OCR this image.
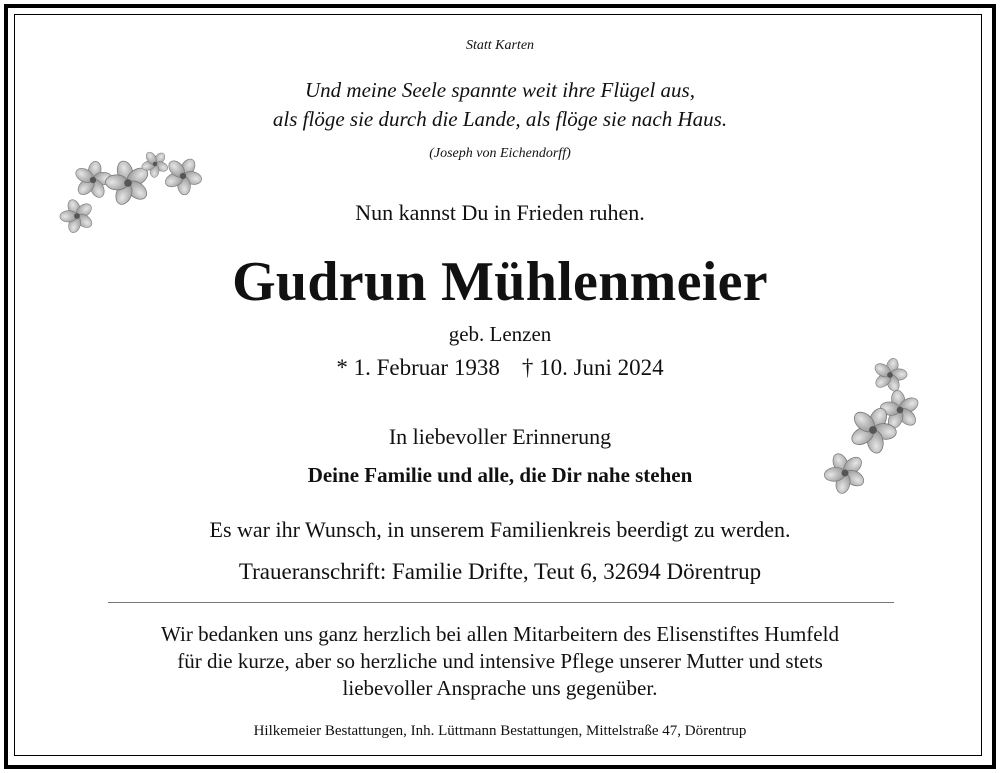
Statt Karten
Und meine Seele spannte weit ihre Flügel aus,
als flöge sie durch die Lande, als flöge sie nach Haus.
(Joseph von Eichendorff)
Nun kannst Du in Frieden ruhen.
Gudrun Mühlenmeier
geb. Lenzen
* 1. Februar 1938 † 10. Juni 2024
In liebevoller Erinnerung
Deine Familie und alle, die Dir nahe stehen
Es war ihr Wunsch, in unserem Familienkreis beerdigt zu werden.
Traueranschrift: Familie Drifte, Teut 6, 32694 Dörentrup
Wir bedanken uns ganz herzlich bei allen Mitarbeitern des Elisenstiftes Humfeld
für die kurze, aber so herzliche und intensive Pflege unserer Mutter und stets
liebevoller Ansprache uns gegenüber.
Hilkemeier Bestattungen, Inh. Lüttmann Bestattungen, Mittelstraße 47, Dörentrup
